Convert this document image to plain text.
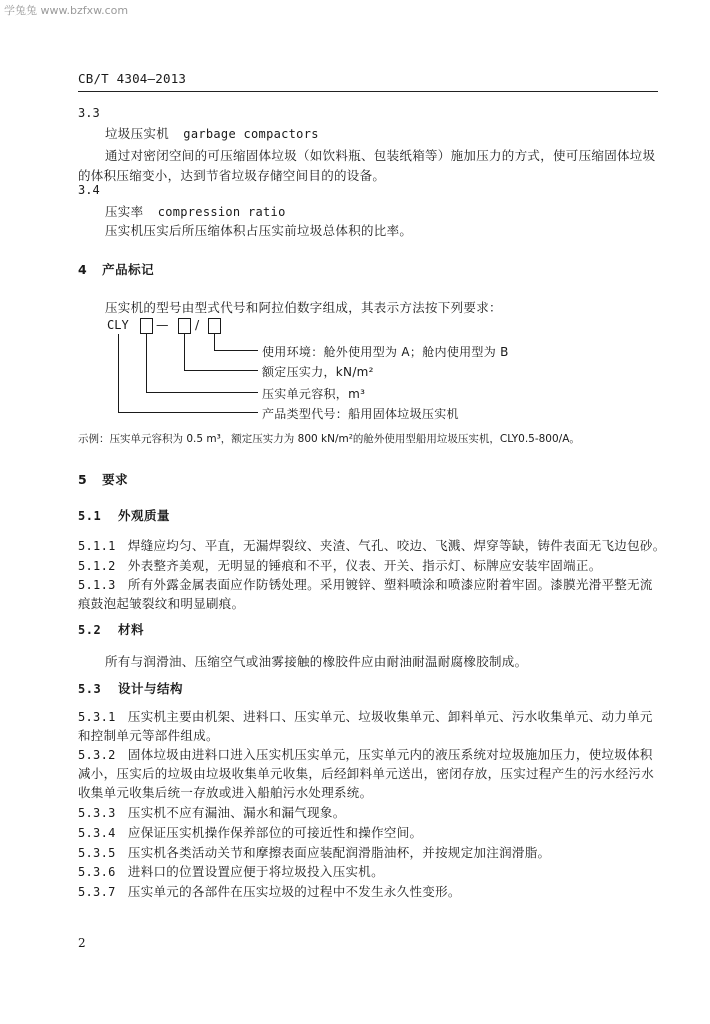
学兔兔 www.bzfxw.com
CB/T 4304—2013
3.3
垃圾压实机 garbage compactors
通过对密闭空间的可压缩固体垃圾（如饮料瓶、包装纸箱等）施加压力的方式，使可压缩固体垃圾
的体积压缩变小，达到节省垃圾存储空间目的的设备。
3.4
压实率 compression ratio
压实机压实后所压缩体积占压实前垃圾总体积的比率。
4 产品标记
压实机的型号由型式代号和阿拉伯数字组成，其表示方法按下列要求：
CLY — /
使用环境：舱外使用型为 A；舱内使用型为 B
额定压实力，kN/m²
压实单元容积，m³
产品类型代号：船用固体垃圾压实机
示例：压实单元容积为 0.5 m³，额定压实力为 800 kN/m²的舱外使用型船用垃圾压实机，CLY0.5-800/A。
5 要求
5.1 外观质量
5.1.1 焊缝应均匀、平直，无漏焊裂纹、夹渣、气孔、咬边、飞溅、焊穿等缺，铸件表面无飞边包砂。
5.1.2 外表整齐美观，无明显的锤痕和不平，仪表、开关、指示灯、标牌应安装牢固端正。
5.1.3 所有外露金属表面应作防锈处理。采用镀锌、塑料喷涂和喷漆应附着牢固。漆膜光滑平整无流
痕鼓泡起皱裂纹和明显刷痕。
5.2 材料
所有与润滑油、压缩空气或油雾接触的橡胶件应由耐油耐温耐腐橡胶制成。
5.3 设计与结构
5.3.1 压实机主要由机架、进料口、压实单元、垃圾收集单元、卸料单元、污水收集单元、动力单元
和控制单元等部件组成。
5.3.2 固体垃圾由进料口进入压实机压实单元，压实单元内的液压系统对垃圾施加压力，使垃圾体积
减小，压实后的垃圾由垃圾收集单元收集，后经卸料单元送出，密闭存放，压实过程产生的污水经污水
收集单元收集后统一存放或进入船舶污水处理系统。
5.3.3 压实机不应有漏油、漏水和漏气现象。
5.3.4 应保证压实机操作保养部位的可接近性和操作空间。
5.3.5 压实机各类活动关节和摩擦表面应装配润滑脂油杯，并按规定加注润滑脂。
5.3.6 进料口的位置设置应便于将垃圾投入压实机。
5.3.7 压实单元的各部件在压实垃圾的过程中不发生永久性变形。
2
